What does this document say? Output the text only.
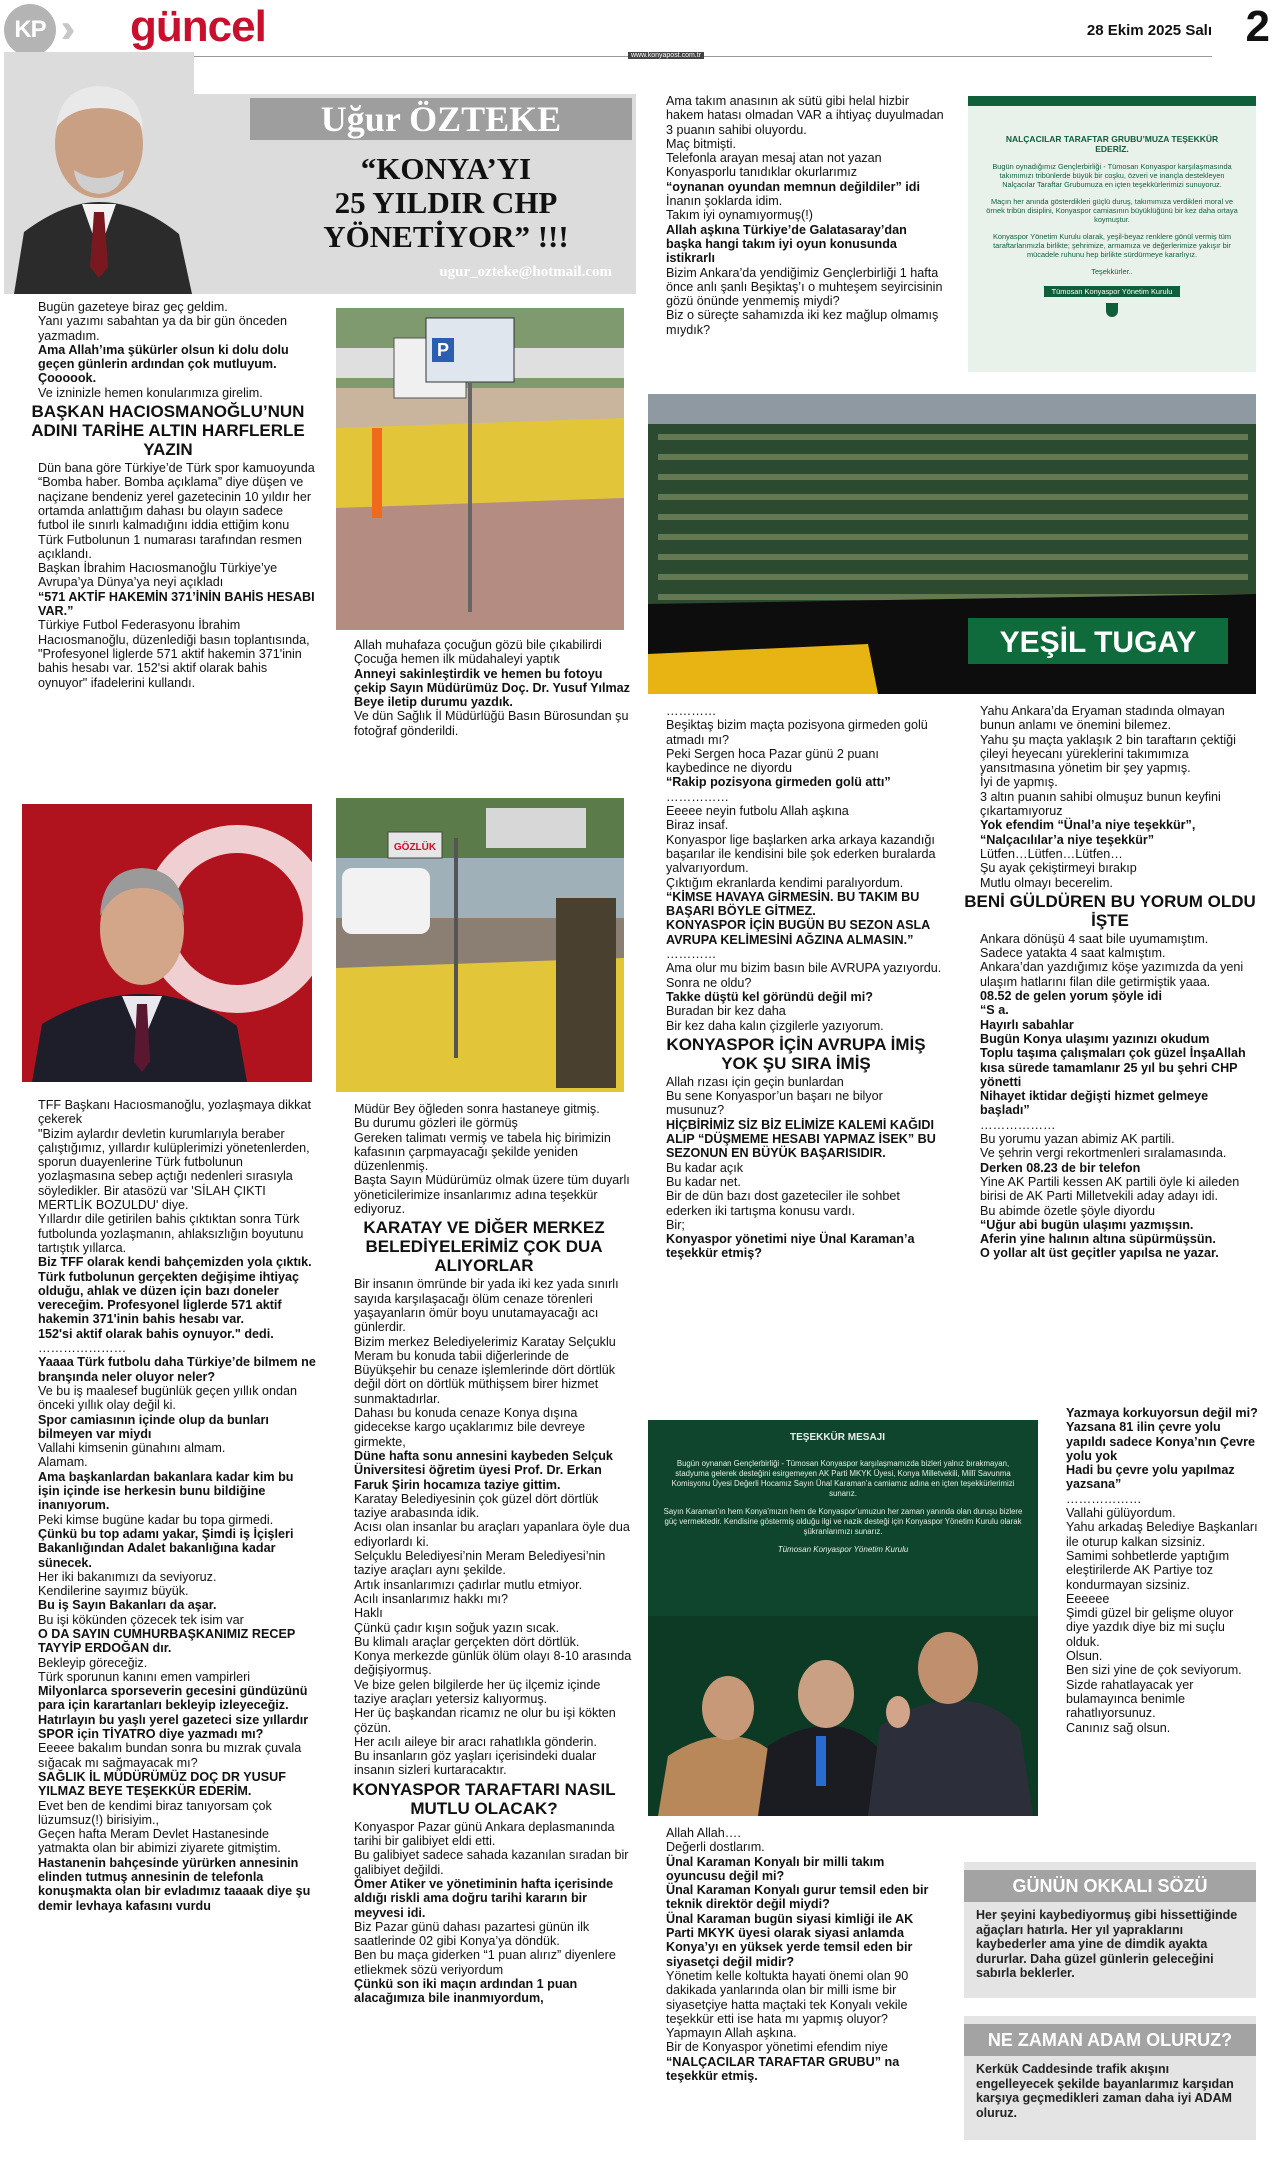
KP güncel	28 Ekim 2025 Salı 2
www.konyapost.com.tr
Uğur ÖZTEKE
“KONYA’YI
25 YILDIR CHP
YÖNETİYOR” !!!
ugur_ozteke@hotmail.com

Bugün gazeteye biraz geç geldim.

Yanı yazımı sabahtan ya da bir gün önceden yazmadım.

Ama Allah’ıma şükürler olsun ki dolu dolu geçen günlerin ardından çok mutluyum.

Çoooook.

Ve izninizle hemen konularımıza girelim.

BAŞKAN HACIOSMANOĞLU’NUN ADINI TARİHE ALTIN HARFLERLE YAZIN

Dün bana göre Türkiye’de Türk spor kamuoyunda “Bomba haber. Bomba açıklama” diye düşen ve naçizane bendeniz yerel gazetecinin 10 yıldır her ortamda anlattığım dahası bu olayın sadece futbol ile sınırlı kalmadığını iddia ettiğim konu Türk Futbolunun 1 numarası tarafından resmen açıklandı.

Başkan İbrahim Hacıosmanoğlu Türkiye’ye Avrupa’ya Dünya’ya neyi açıkladı

“571 AKTİF HAKEMİN 371’İNİN BAHİS HESABI VAR.”

Türkiye Futbol Federasyonu İbrahim Hacıosmanoğlu, düzenlediği basın toplantısında, "Profesyonel liglerde 571 aktif hakemin 371'inin bahis hesabı var. 152'si aktif olarak bahis oynuyor" ifadelerini kullandı.

TFF Başkanı Hacıosmanoğlu, yozlaşmaya dikkat çekerek

"Bizim aylardır devletin kurumlarıyla beraber çalıştığımız, yıllardır kulüplerimizi yönetenlerden, sporun duayenlerine Türk futbolunun yozlaşmasına sebep açtığı nedenleri sırasıyla söyledikler. Bir atasözü var 'SİLAH ÇIKTI MERTLİK BOZULDU' diye.

Yıllardır dile getirilen bahis çıktıktan sonra Türk futbolunda yozlaşmanın, ahlaksızlığın boyutunu tartıştık yıllarca.

Biz TFF olarak kendi bahçemizden yola çıktık.

Türk futbolunun gerçekten değişime ihtiyaç olduğu, ahlak ve düzen için bazı doneler vereceğim. Profesyonel liglerde 571 aktif hakemin 371'inin bahis hesabı var.

152'si aktif olarak bahis oynuyor." dedi.

…………………

Yaaaa Türk futbolu daha Türkiye’de bilmem ne branşında neler oluyor neler?

Ve bu iş maalesef bugünlük geçen yıllık ondan önceki yıllık olay değil ki.

Spor camiasının içinde olup da bunları bilmeyen var miydı

Vallahi kimsenin günahını almam.

Alamam.

Ama başkanlardan bakanlara kadar kim bu işin içinde ise herkesin bunu bildiğine inanıyorum.

Peki kimse bugüne kadar bu topa girmedi.

Çünkü bu top adamı yakar, Şimdi iş İçişleri Bakanlığından Adalet bakanlığına kadar sünecek.

Her iki bakanımızı da seviyoruz.

Kendilerine sayımız büyük.

Bu iş Sayın Bakanları da aşar.

Bu işi kökünden çözecek tek isim var

O DA SAYIN CUMHURBAŞKANIMIZ RECEP TAYYİP ERDOĞAN dır.

Bekleyip göreceğiz.

Türk sporunun kanını emen vampirleri

Milyonlarca sporseverin gecesini gündüzünü para için karartanları bekleyip izleyeceğiz.

Hatırlayın bu yaşlı yerel gazeteci size yıllardır SPOR için TİYATRO diye yazmadı mı?

Eeeee bakalım bundan sonra bu mızrak çuvala sığacak mı sağmayacak mı?

SAĞLIK İL MÜDÜRÜMÜZ DOÇ DR YUSUF YILMAZ BEYE TEŞEKKÜR EDERİM.

Evet ben de kendimi biraz tanıyorsam çok lüzumsuz(!) birisiyim.,

Geçen hafta Meram Devlet Hastanesinde yatmakta olan bir abimizi ziyarete gitmiştim.

Hastanenin bahçesinde yürürken annesinin elinden tutmuş annesinin de telefonla konuşmakta olan bir evladımız taaaak diye şu demir levhaya kafasını vurdu

P

Allah muhafaza çocuğun gözü bile çıkabilirdi

Çocuğa hemen ilk müdahaleyi yaptık

Anneyi sakinleştirdik ve hemen bu fotoyu çekip Sayın Müdürümüz Doç. Dr. Yusuf Yılmaz

Beye iletip durumu yazdık.

Ve dün Sağlık İl Müdürlüğü Basın Bürosundan şu fotoğraf gönderildi.

GÖZLÜK

Müdür Bey öğleden sonra hastaneye gitmiş.

Bu durumu gözleri ile görmüş

Gereken talimatı vermiş ve tabela hiç birimizin kafasının çarpmayacağı şekilde yeniden düzenlenmiş.

Başta Sayın Müdürümüz olmak üzere tüm duyarlı yöneticilerimize insanlarımız adına teşekkür ediyoruz.

KARATAY VE DİĞER MERKEZ BELEDİYELERİMİZ ÇOK DUA ALIYORLAR

Bir insanın ömründe bir yada iki kez yada sınırlı sayıda karşılaşacağı ölüm cenaze törenleri yaşayanların ömür boyu unutamayacağı acı günlerdir.

Bizim merkez Belediyelerimiz Karatay Selçuklu Meram bu konuda tabii diğerlerinde de Büyükşehir bu cenaze işlemlerinde dört dörtlük değil dört on dörtlük müthişsem birer hizmet sunmaktadırlar.

Dahası bu konuda cenaze Konya dışına gidecekse kargo uçaklarımız bile devreye girmekte,

Düne hafta sonu annesini kaybeden Selçuk Üniversitesi öğretim üyesi Prof. Dr. Erkan Faruk Şirin hocamıza taziye gittim.

Karatay Belediyesinin çok güzel dört dörtlük taziye arabasında idik.

Acısı olan insanlar bu araçları yapanlara öyle dua ediyorlardı ki.

Selçuklu Belediyesi’nin Meram Belediyesi’nin taziye araçları aynı şekilde.

Artık insanlarımızı çadırlar mutlu etmiyor.

Acılı insanlarımız hakkı mı?

Haklı

Çünkü çadır kışın soğuk yazın sıcak.

Bu klimalı araçlar gerçekten dört dörtlük.

Konya merkezde günlük ölüm olayı 8-10 arasında değişiyormuş.

Ve bize gelen bilgilerde her üç ilçemiz içinde taziye araçları yetersiz kalıyormuş.

Her üç başkandan ricamız ne olur bu işi kökten çözün.

Her acılı aileye bir aracı rahatlıkla gönderin.

Bu insanların göz yaşları içerisindeki dualar insanın sizleri kurtaracaktır.

KONYASPOR TARAFTARI NASIL MUTLU OLACAK?

Konyaspor Pazar günü Ankara deplasmanında tarihi bir galibiyet eldi etti.

Bu galibiyet sadece sahada kazanılan sıradan bir galibiyet değildi.

Ömer Atiker ve yönetiminin hafta içerisinde aldığı riskli ama doğru tarihi kararın bir meyvesi idi.

Biz Pazar günü dahası pazartesi günün ilk saatlerinde 02 gibi Konya’ya döndük.

Ben bu maça giderken “1 puan alırız” diyenlere etliekmek sözü veriyordum

Çünkü son iki maçın ardından 1 puan alacağımıza bile inanmıyordum,

Ama takım anasının ak sütü gibi helal hizbir hakem hatası olmadan VAR a ihtiyaç duyulmadan 3 puanın sahibi oluyordu.

Maç bitmişti.

Telefonla arayan mesaj atan not yazan Konyasporlu tanıdıklar okurlarımız

“oynanan oyundan memnun değildiler” idi

İnanın şoklarda idim.

Takım iyi oynamıyormuş(!)

Allah aşkına Türkiye’de Galatasaray’dan başka hangi takım iyi oyun konusunda istikrarlı

Bizim Ankara’da yendiğimiz Gençlerbirliği 1 hafta önce anlı şanlı Beşiktaş’ı o muhteşem seyircisinin gözü önünde yenmemiş miydi?

Biz o süreçte sahamızda iki kez mağlup olmamış mıydık?

NALÇACILAR TARAFTAR GRUBU’MUZA TEŞEKKÜR EDERİZ.
Bugün oynadığımız Gençlerbirliği - Tümosan Konyaspor karşılaşmasında takımımızı tribünlerde büyük bir coşku, özveri ve inançla destekleyen Nalçacılar Taraftar Grubumuza en içten teşekkürlerimizi sunuyoruz.
Maçın her anında gösterdikleri güçlü duruş, takımımıza verdikleri moral ve örnek tribün disiplini, Konyaspor camiasının büyüklüğünü bir kez daha ortaya koymuştur.
Konyaspor Yönetim Kurulu olarak, yeşil-beyaz renklere gönül vermiş tüm taraftarlarımızla birlikte; şehrimize, armamıza ve değerlerimize yakışır bir mücadele ruhunu hep birlikte sürdürmeye kararlıyız.
Teşekkürler..
Tümosan Konyaspor Yönetim Kurulu
YEŞİL TUGAY

…………

Beşiktaş bizim maçta pozisyona girmeden golü atmadı mı?

Peki Sergen hoca Pazar günü 2 puanı kaybedince ne diyordu

“Rakip pozisyona girmeden golü attı”

……………

Eeeee neyin futbolu Allah aşkına

Biraz insaf.

Konyaspor lige başlarken arka arkaya kazandığı başarılar ile kendisini bile şok ederken buralarda yalvarıyordum.

Çıktığım ekranlarda kendimi paralıyordum.

“KİMSE HAVAYA GİRMESİN. BU TAKIM BU BAŞARI BÖYLE GİTMEZ.

KONYASPOR İÇİN BUGÜN BU SEZON ASLA AVRUPA KELİMESİNİ AĞZINA ALMASIN.”

…………

Ama olur mu bizim basın bile AVRUPA yazıyordu.

Sonra ne oldu?

Takke düştü kel göründü değil mi?

Buradan bir kez daha

Bir kez daha kalın çizgilerle yazıyorum.

KONYASPOR İÇİN AVRUPA İMİŞ YOK ŞU SIRA İMİŞ

Allah rızası için geçin bunlardan

Bu sene Konyaspor’un başarı ne bilyor musunuz?

HİÇBİRİMİZ SİZ BİZ ELİMİZE KALEMİ KAĞIDI ALIP “DÜŞMEME HESABI YAPMAZ İSEK” BU SEZONUN EN BÜYÜK BAŞARISIDIR.

Bu kadar açık

Bu kadar net.

Bir de dün bazı dost gazeteciler ile sohbet ederken iki tartışma konusu vardı.

Bir;

Konyaspor yönetimi niye Ünal Karaman’a teşekkür etmiş?

TEŞEKKÜR MESAJI
Bugün oynanan Gençlerbirliği - Tümosan Konyaspor karşılaşmamızda bizleri yalnız bırakmayan, stadyuma gelerek desteğini esirgemeyen AK Parti MKYK Üyesi, Konya Milletvekili, Millî Savunma Komisyonu Üyesi Değerli Hocamız Sayın Ünal Karaman’a camiamız adına en içten teşekkürlerimizi sunarız.
Sayın Karaman’ın hem Konya’mızın hem de Konyaspor’umuzun her zaman yanında olan duruşu bizlere güç vermektedir. Kendisine göstermiş olduğu ilgi ve nazik desteği için Konyaspor Yönetim Kurulu olarak şükranlarımızı sunarız.
Tümosan Konyaspor Yönetim Kurulu

Allah Allah….

Değerli dostlarım.

Ünal Karaman Konyalı bir milli takım oyuncusu değil mi?

Ünal Karaman Konyalı gurur temsil eden bir teknik direktör değil miydi?

Ünal Karaman bugün siyasi kimliği ile AK Parti MKYK üyesi olarak siyasi anlamda Konya’yı en yüksek yerde temsil eden bir siyasetçi değil midir?

Yönetim kelle koltukta hayati önemi olan 90 dakikada yanlarında olan bir milli isme bir siyasetçiye hatta maçtaki tek Konyalı vekile teşekkür etti ise hata mı yapmış oluyor?

Yapmayın Allah aşkına.

Bir de Konyaspor yönetimi efendim niye

“NALÇACILAR TARAFTAR GRUBU” na teşekkür etmiş.

Yahu Ankara’da Eryaman stadında olmayan bunun anlamı ve önemini bilemez.

Yahu şu maçta yaklaşık 2 bin taraftarın çektiği çileyi heyecanı yüreklerini takımımıza yansıtmasına yönetim bir şey yapmış.

İyi de yapmış.

3 altın puanın sahibi olmuşuz bunun keyfini çıkartamıyoruz

Yok efendim “Ünal’a niye teşekkür”, “Nalçacılılar’a niye teşekkür”

Lütfen…Lütfen…Lütfen…

Şu ayak çekiştirmeyi bırakıp

Mutlu olmayı becerelim.

BENİ GÜLDÜREN BU YORUM OLDU İŞTE

Ankara dönüşü 4 saat bile uyumamıştım.

Sadece yatakta 4 saat kalmıştım.

Ankara’dan yazdığımız köşe yazımızda da yeni ulaşım hatlarını filan dile getirmiştik yaaa.

08.52 de gelen yorum şöyle idi

“S a.

Hayırlı sabahlar

Bugün Konya ulaşımı yazınızı okudum

Toplu taşıma çalışmaları çok güzel İnşaAllah kısa sürede tamamlanır 25 yıl bu şehri CHP yönetti

Nihayet iktidar değişti hizmet gelmeye başladı”

………………

Bu yorumu yazan abimiz AK partili.

Ve şehrin vergi rekortmenleri sıralamasında.

Derken 08.23 de bir telefon

Yine AK Partili kessen AK partili öyle ki aileden birisi de AK Parti Milletvekili aday adayı idi.

Bu abimde özetle şöyle diyordu

“Uğur abi bugün ulaşımı yazmışsın.

Aferin yine halının altına süpürmüşsün.

O yollar alt üst geçitler yapılsa ne yazar.

Yazmaya korkuyorsun değil mi?

Yazsana 81 ilin çevre yolu yapıldı sadece Konya’nın Çevre yolu yok

Hadi bu çevre yolu yapılmaz yazsana”

………………

Vallahi gülüyordum.

Yahu arkadaş Belediye Başkanları ile oturup kalkan sizsiniz.

Samimi sohbetlerde yaptığım eleştirilerde AK Partiye toz kondurmayan sizsiniz.

Eeeeee

Şimdi güzel bir gelişme oluyor diye yazdık diye biz mi suçlu olduk.

Olsun.

Ben sizi yine de çok seviyorum.

Sizde rahatlayacak yer bulamayınca benimle rahatlıyorsunuz.

Canınız sağ olsun.

GÜNÜN OKKALI SÖZÜ
Her şeyini kaybediyormuş gibi hissettiğinde ağaçları hatırla. Her yıl yapraklarını kaybederler ama yine de dimdik ayakta dururlar. Daha güzel günlerin geleceğini sabırla beklerler.
NE ZAMAN ADAM OLURUZ?
Kerkük Caddesinde trafik akışını engelleyecek şekilde bayanlarımız karşıdan karşıya geçmedikleri zaman daha iyi ADAM oluruz.
